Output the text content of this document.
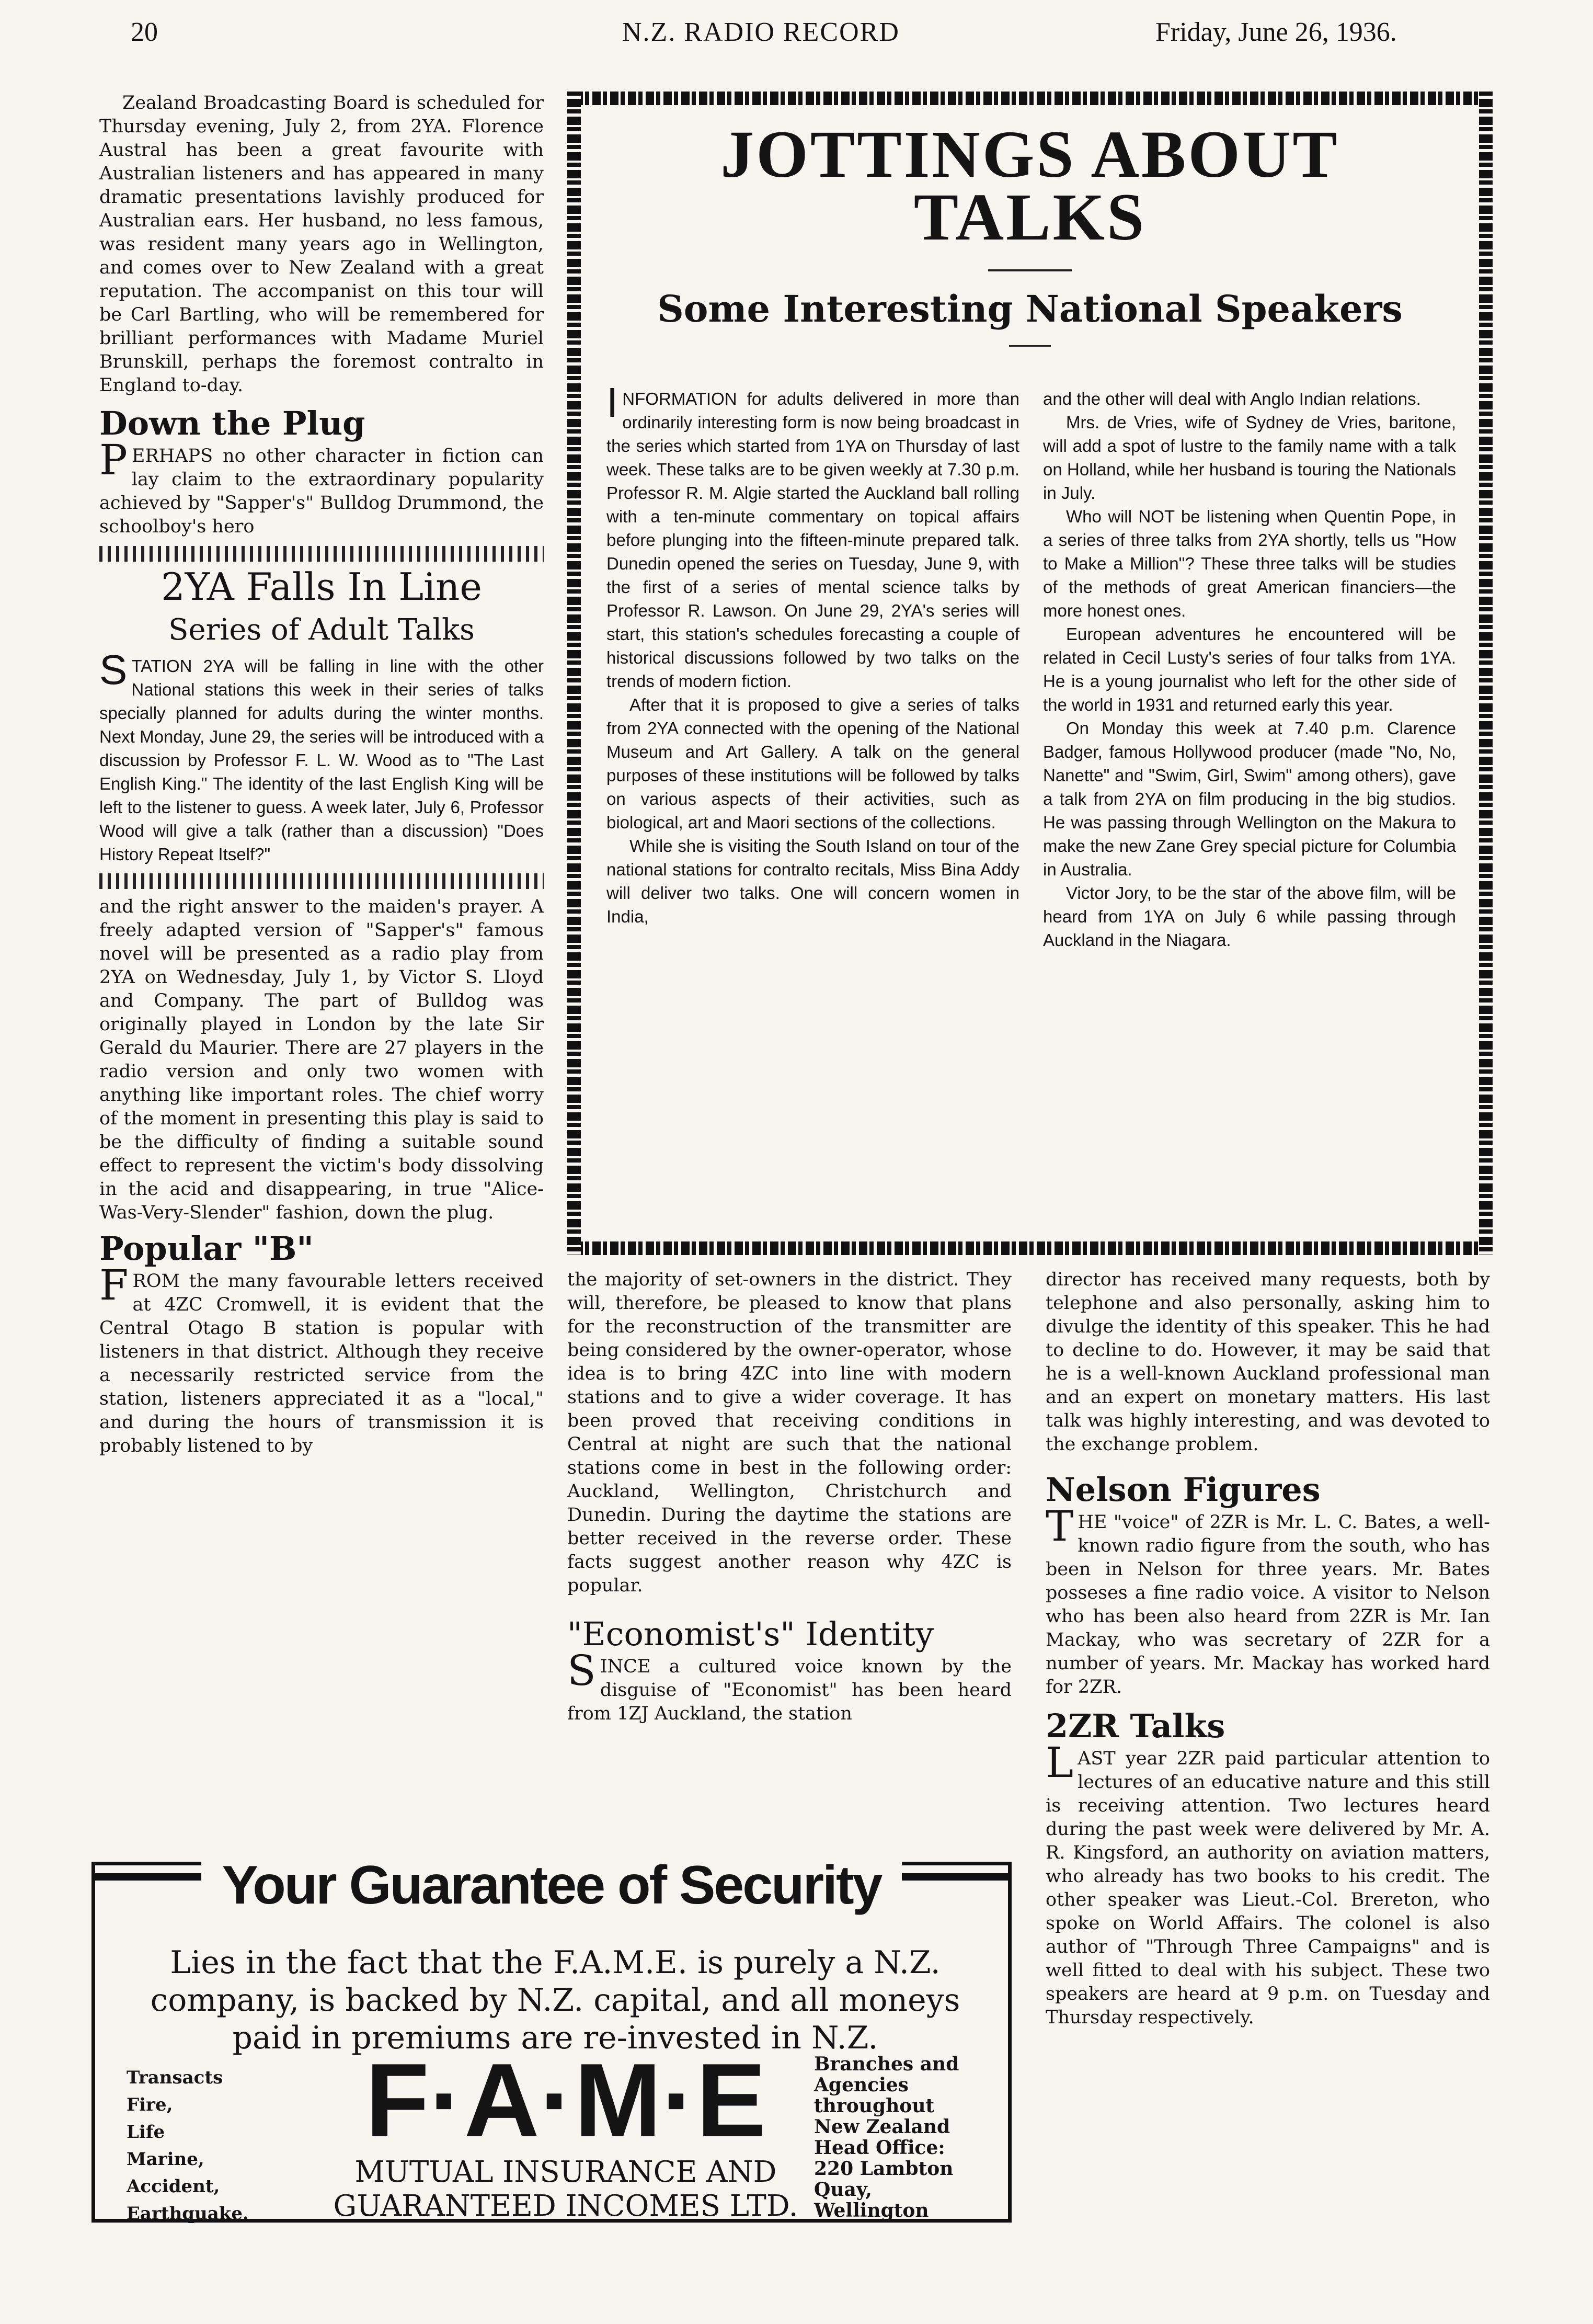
20	N.Z. RADIO RECORD	Friday, June 26, 1936.

Zealand Broadcasting Board is scheduled for Thursday evening, July 2, from 2YA. Florence Austral has been a great favourite with Australian listeners and has appeared in many dramatic presentations lavishly produced for Australian ears. Her husband, no less famous, was resident many years ago in Wellington, and comes over to New Zealand with a great reputation. The accompanist on this tour will be Carl Bartling, who will be remembered for brilliant performances with Madame Muriel Brunskill, perhaps the foremost contralto in England to-day.

Down the Plug

PERHAPS no other character in fiction can lay claim to the extraordinary popularity achieved by "Sapper's" Bulldog Drummond, the schoolboy's hero

2YA Falls In Line
Series of Adult Talks

STATION 2YA will be falling in line with the other National stations this week in their series of talks specially planned for adults during the winter months. Next Monday, June 29, the series will be introduced with a discussion by Professor F. L. W. Wood as to "The Last English King." The identity of the last English King will be left to the listener to guess. A week later, July 6, Professor Wood will give a talk (rather than a discussion) "Does History Repeat Itself?"

and the right answer to the maiden's prayer. A freely adapted version of "Sapper's" famous novel will be presented as a radio play from 2YA on Wednesday, July 1, by Victor S. Lloyd and Company. The part of Bulldog was originally played in London by the late Sir Gerald du Maurier. There are 27 players in the radio version and only two women with anything like important roles. The chief worry of the moment in presenting this play is said to be the difficulty of finding a suitable sound effect to represent the victim's body dissolving in the acid and disappearing, in true "Alice-Was-Very-Slender" fashion, down the plug.

Popular "B"

FROM the many favourable letters received at 4ZC Cromwell, it is evident that the Central Otago B station is popular with listeners in that district. Although they receive a necessarily restricted service from the station, listeners appreciated it as a "local," and during the hours of transmission it is probably listened to by

JOTTINGS ABOUT
TALKS
Some Interesting National Speakers

INFORMATION for adults delivered in more than ordinarily interesting form is now being broadcast in the series which started from 1YA on Thursday of last week. These talks are to be given weekly at 7.30 p.m. Professor R. M. Algie started the Auckland ball rolling with a ten-minute commentary on topical affairs before plunging into the fifteen-minute prepared talk. Dunedin opened the series on Tuesday, June 9, with the first of a series of mental science talks by Professor R. Lawson. On June 29, 2YA's series will start, this station's schedules forecasting a couple of historical discussions followed by two talks on the trends of modern fiction.

After that it is proposed to give a series of talks from 2YA connected with the opening of the National Museum and Art Gallery. A talk on the general purposes of these institutions will be followed by talks on various aspects of their activities, such as biological, art and Maori sections of the collections.

While she is visiting the South Island on tour of the national stations for contralto recitals, Miss Bina Addy will deliver two talks. One will concern women in India,

and the other will deal with Anglo Indian relations.

Mrs. de Vries, wife of Sydney de Vries, baritone, will add a spot of lustre to the family name with a talk on Holland, while her husband is touring the Nationals in July.

Who will NOT be listening when Quentin Pope, in a series of three talks from 2YA shortly, tells us "How to Make a Million"? These three talks will be studies of the methods of great American financiers—the more honest ones.

European adventures he encountered will be related in Cecil Lusty's series of four talks from 1YA. He is a young journalist who left for the other side of the world in 1931 and returned early this year.

On Monday this week at 7.40 p.m. Clarence Badger, famous Hollywood producer (made "No, No, Nanette" and "Swim, Girl, Swim" among others), gave a talk from 2YA on film producing in the big studios. He was passing through Wellington on the Makura to make the new Zane Grey special picture for Columbia in Australia.

Victor Jory, to be the star of the above film, will be heard from 1YA on July 6 while passing through Auckland in the Niagara.

the majority of set-owners in the district. They will, therefore, be pleased to know that plans for the reconstruction of the transmitter are being considered by the owner-operator, whose idea is to bring 4ZC into line with modern stations and to give a wider coverage. It has been proved that receiving conditions in Central at night are such that the national stations come in best in the following order: Auckland, Wellington, Christchurch and Dunedin. During the daytime the stations are better received in the reverse order. These facts suggest another reason why 4ZC is popular.

"Economist's" Identity

SINCE a cultured voice known by the disguise of "Economist" has been heard from 1ZJ Auckland, the station

director has received many requests, both by telephone and also personally, asking him to divulge the identity of this speaker. This he had to decline to do. However, it may be said that he is a well-known Auckland professional man and an expert on monetary matters. His last talk was highly interesting, and was devoted to the exchange problem.

Nelson Figures

THE "voice" of 2ZR is Mr. L. C. Bates, a well-known radio figure from the south, who has been in Nelson for three years. Mr. Bates posseses a fine radio voice. A visitor to Nelson who has been also heard from 2ZR is Mr. Ian Mackay, who was secretary of 2ZR for a number of years. Mr. Mackay has worked hard for 2ZR.

2ZR Talks

LAST year 2ZR paid particular attention to lectures of an educative nature and this still is receiving attention. Two lectures heard during the past week were delivered by Mr. A. R. Kingsford, an authority on aviation matters, who already has two books to his credit. The other speaker was Lieut.-Col. Brereton, who spoke on World Affairs. The colonel is also author of "Through Three Campaigns" and is well fitted to deal with his subject. These two speakers are heard at 9 p.m. on Tuesday and Thursday respectively.

Your Guarantee of Security

Lies in the fact that the F.A.M.E. is purely a N.Z. company, is backed by N.Z. capital, and all moneys paid in premiums are re-invested in N.Z.

Transacts
Fire,
Life
Marine,
Accident,
Earthquake.
F·A·M·E
MUTUAL INSURANCE AND
GUARANTEED INCOMES LTD.
Branches and
Agencies
throughout
New Zealand
Head Office:
220 Lambton
Quay,
Wellington
